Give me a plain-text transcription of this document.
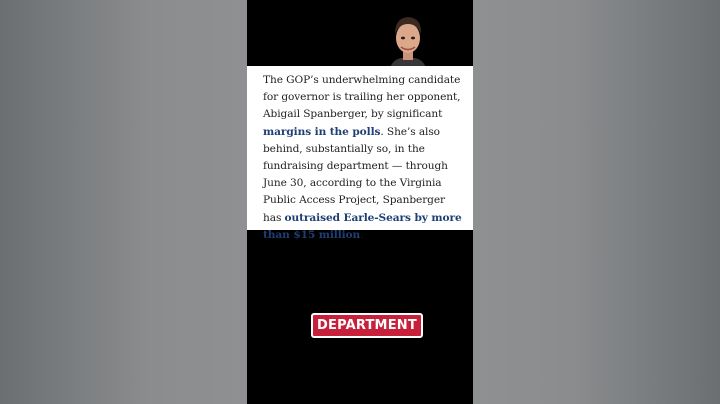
The GOP’s underwhelming candidate for governor is trailing her opponent, Abigail Spanberger, by significant margins in the polls. She’s also behind, substantially so, in the fundraising department — through June 30, according to the Virginia Public Access Project, Spanberger has outraised Earle-Sears by more than $15 million.

DEPARTMENT
